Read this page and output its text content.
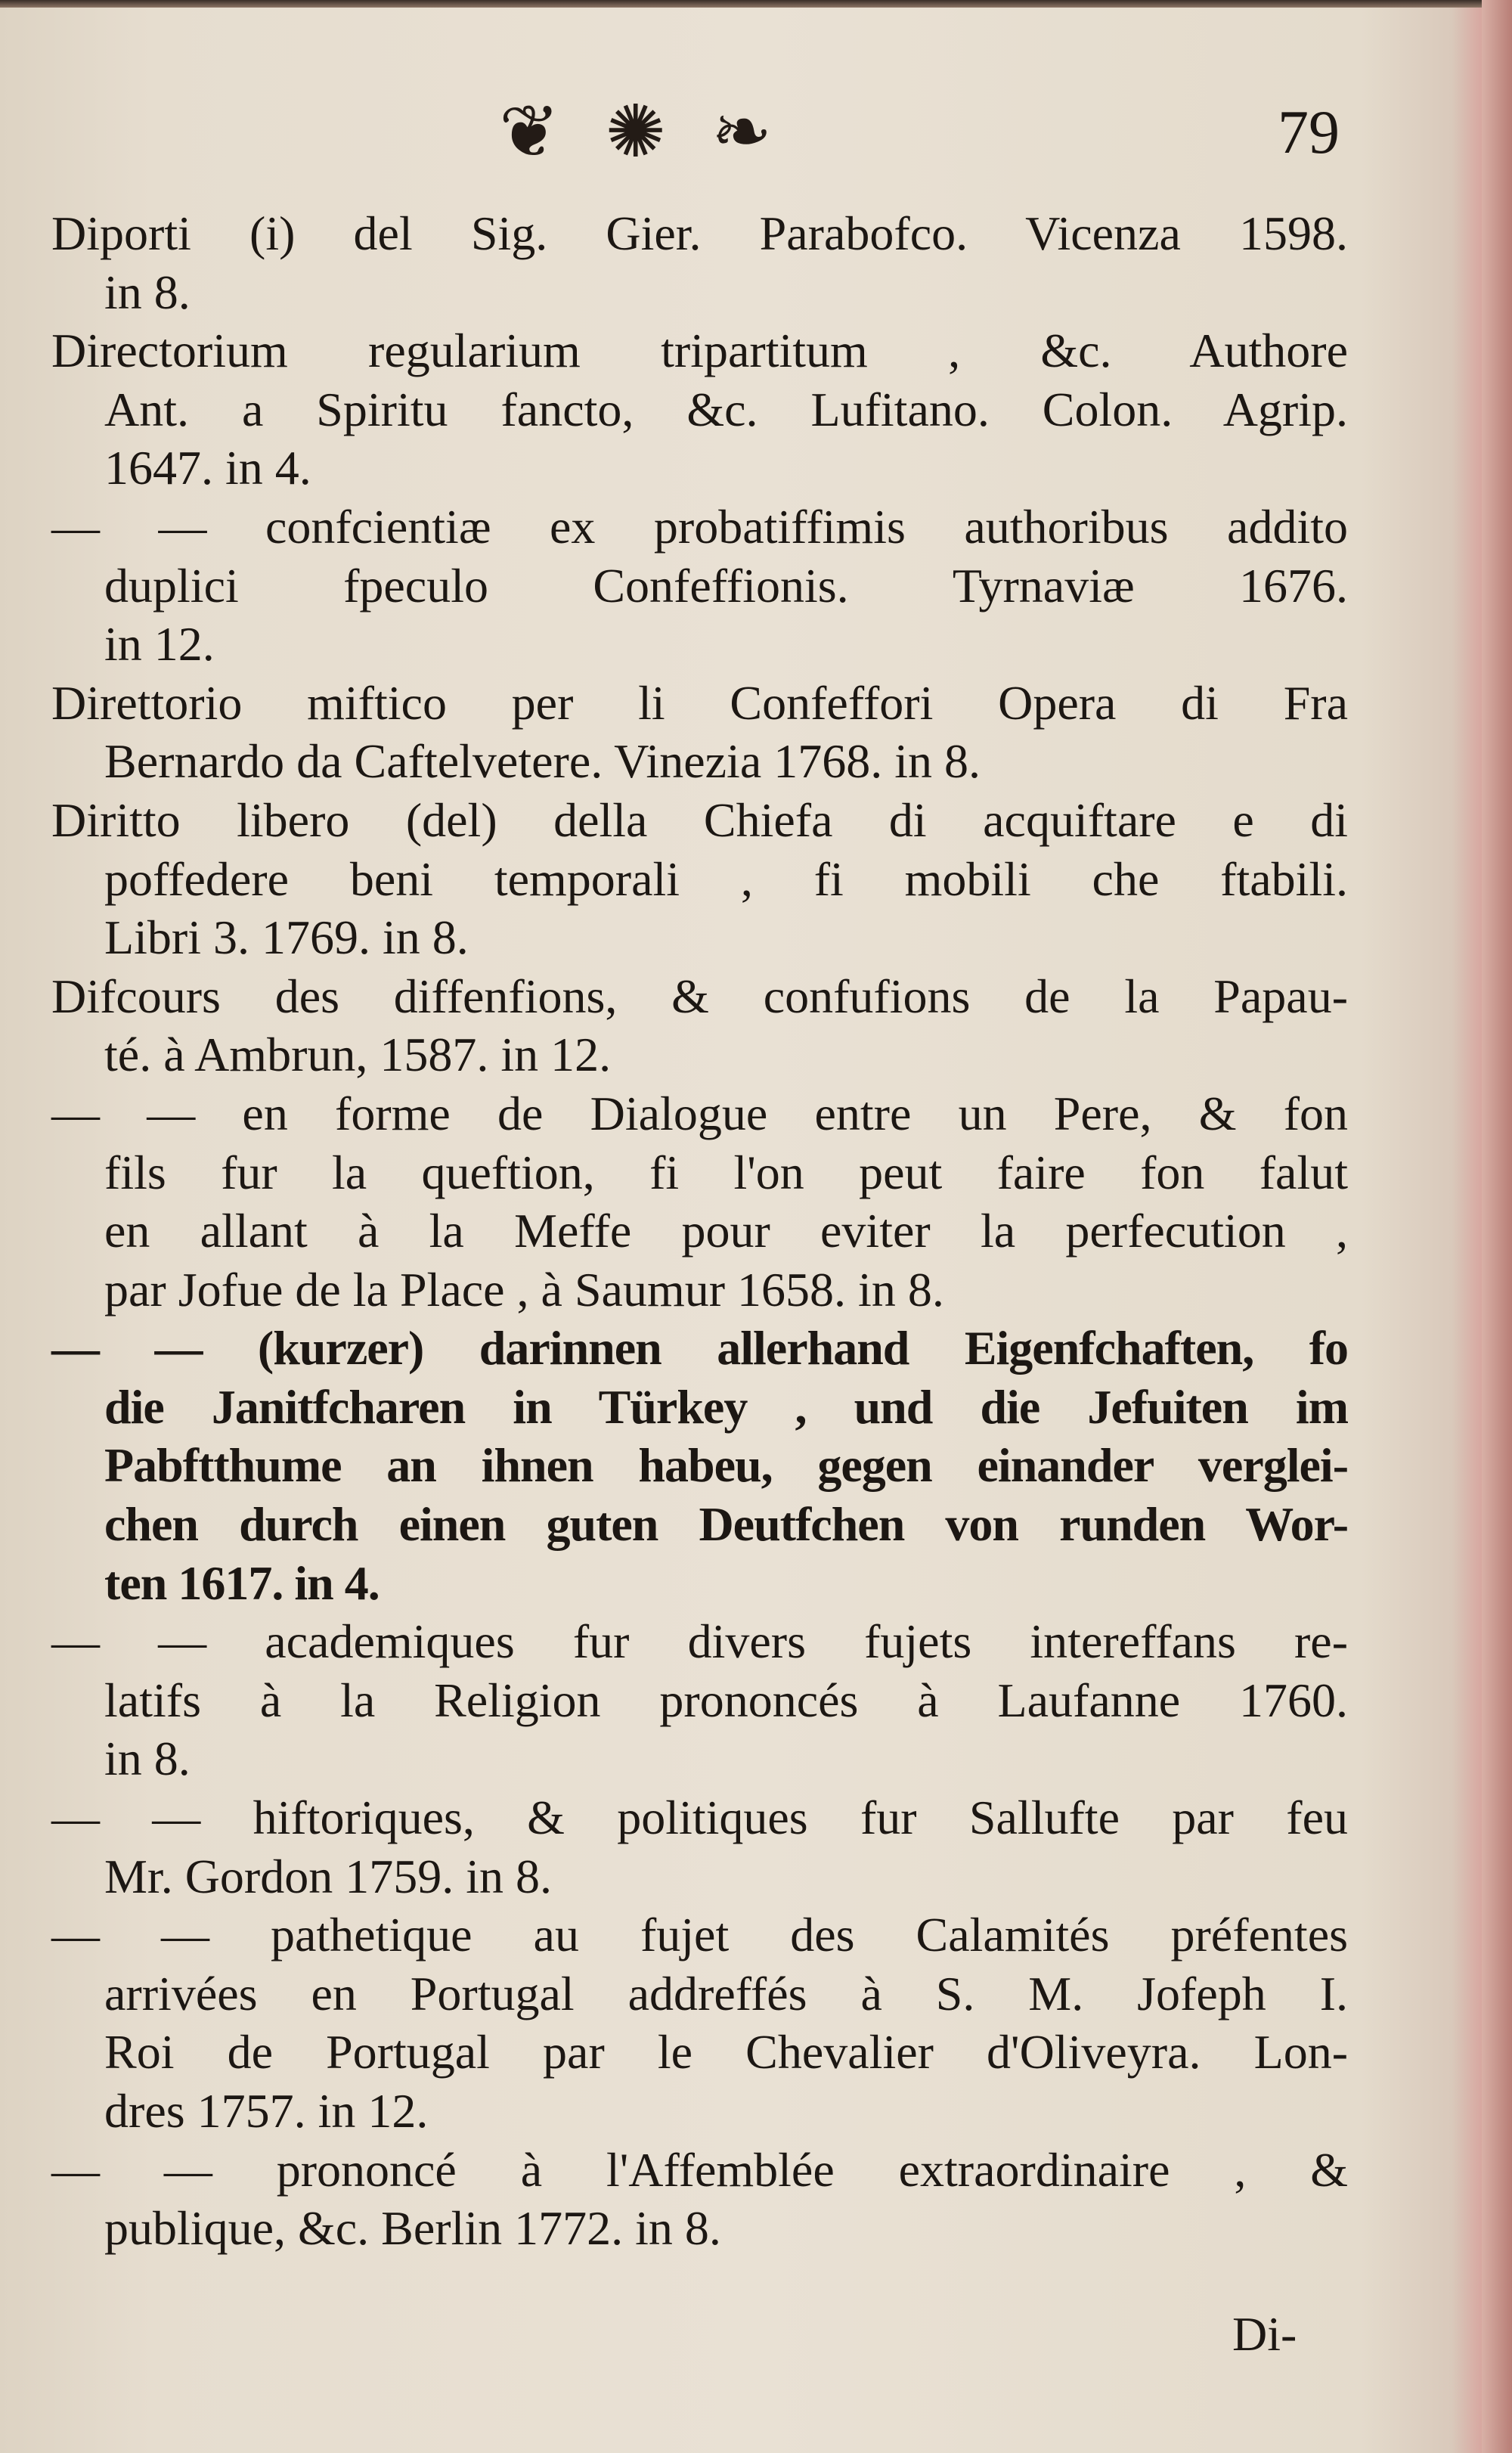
❦ ✺ ❧	79
Diporti (i) del Sig. Gier. Parabofco. Vicenza 1598.
in 8.
Directorium regularium tripartitum , &c. Authore
Ant. a Spiritu fancto, &c. Lufitano. Colon. Agrip.
1647. in 4.
— — confcientiæ ex probatiffimis authoribus addito
duplici fpeculo Confeffionis. Tyrnaviæ 1676.
in 12.
Direttorio miftico per li Confeffori Opera di Fra
Bernardo da Caftelvetere. Vinezia 1768. in 8.
Diritto libero (del) della Chiefa di acquiftare e di
poffedere beni temporali , fi mobili che ftabili.
Libri 3. 1769. in 8.
Difcours des diffenfions, & confufions de la Papau-
té. à Ambrun, 1587. in 12.
— — en forme de Dialogue entre un Pere, & fon
fils fur la queftion, fi l'on peut faire fon falut
en allant à la Meffe pour eviter la perfecution ,
par Jofue de la Place , à Saumur 1658. in 8.
— — (kurzer) darinnen allerhand Eigenfchaften, fo
die Janitfcharen in Türkey , und die Jefuiten im
Pabftthume an ihnen habeu, gegen einander verglei-
chen durch einen guten Deutfchen von runden Wor-
ten 1617. in 4.
— — academiques fur divers fujets intereffans re-
latifs à la Religion prononcés à Laufanne 1760.
in 8.
— — hiftoriques, & politiques fur Sallufte par feu
Mr. Gordon 1759. in 8.
— — pathetique au fujet des Calamités préfentes
arrivées en Portugal addreffés à S. M. Jofeph I.
Roi de Portugal par le Chevalier d'Oliveyra. Lon-
dres 1757. in 12.
— — prononcé à l'Affemblée extraordinaire , &
publique, &c. Berlin 1772. in 8.
Di-
